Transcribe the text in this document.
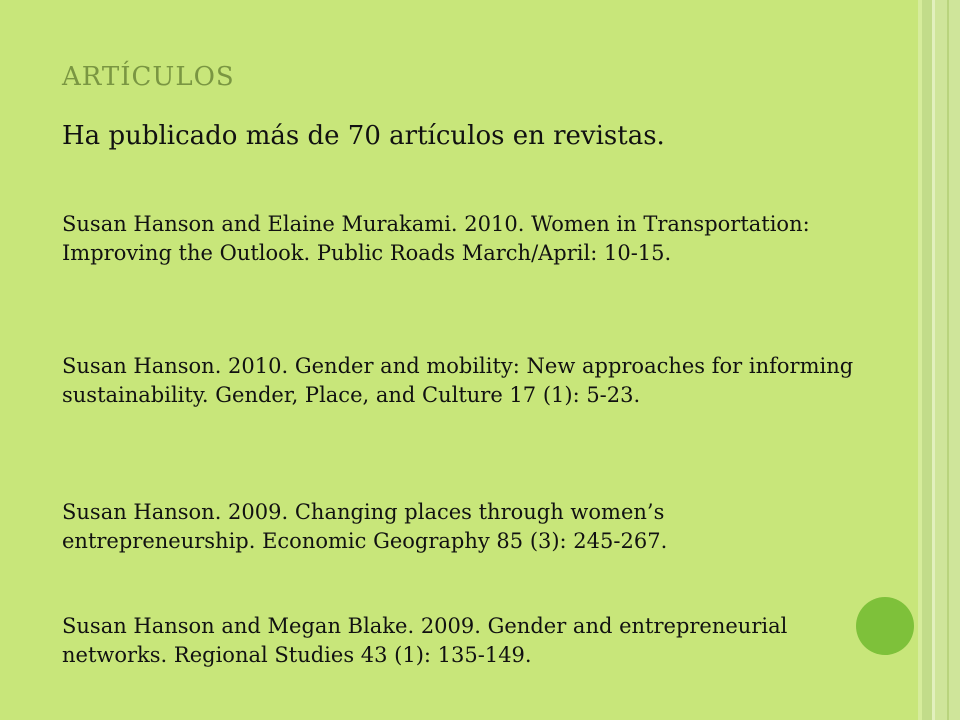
ARTÍCULOS
Ha publicado más de 70 artículos en revistas.
Susan Hanson and Elaine Murakami. 2010. Women in Transportation: Improving the Outlook. Public Roads March/April: 10-15.
Susan Hanson. 2010. Gender and mobility: New approaches for informing sustainability. Gender, Place, and Culture 17 (1): 5-23.
Susan Hanson. 2009. Changing places through women’s entrepreneurship. Economic Geography 85 (3): 245-267.
Susan Hanson and Megan Blake. 2009. Gender and entrepreneurial networks. Regional Studies 43 (1): 135-149.
